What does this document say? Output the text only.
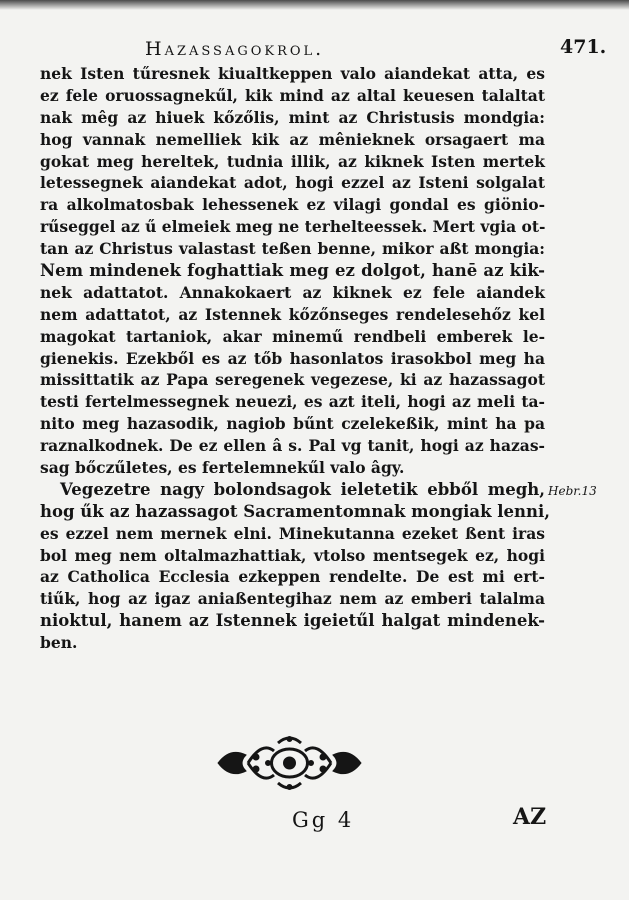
Hazassagokrol.	471.
nek Isten tűresnek kiualtkeppen valo aiandekat atta, es
ez fele oruossagnekűl, kik mind az altal keuesen talaltat
nak mêg az hiuek kőzőlis, mint az Christusis mondgia:
hog vannak nemelliek kik az mênieknek orsagaert ma
gokat meg hereltek, tudnia illik, az kiknek Isten mertek
letessegnek aiandekat adot, hogi ezzel az Isteni solgalat
ra alkolmatosbak lehessenek ez vilagi gondal es giönio-
rűseggel az ű elmeiek meg ne terhelteessek. Mert vgia ot-
tan az Christus valastast teßen benne, mikor aßt mongia:
Nem mindenek foghattiak meg ez dolgot, hanē az kik-
nek adattatot. Annakokaert az kiknek ez fele aiandek
nem adattatot, az Istennek kőzőnseges rendelesehőz kel
magokat tartaniok, akar minemű rendbeli emberek le-
gienekis. Ezekből es az tőb hasonlatos irasokbol meg ha
missittatik az Papa seregenek vegezese, ki az hazassagot
testi fertelmessegnek neuezi, es azt iteli, hogi az meli ta-
nito meg hazasodik, nagiob bűnt czelekeßik, mint ha pa
raznalkodnek. De ez ellen â s. Pal vg tanit, hogi az hazas-
sag bőczűletes, es fertelemnekűl valo âgy.
Vegezetre nagy bolondsagok ieletetik ebből megh,
hog űk az hazassagot Sacramentomnak mongiak lenni,
es ezzel nem mernek elni. Minekutanna ezeket ßent iras
bol meg nem oltalmazhattiak, vtolso mentsegek ez, hogi
az Catholica Ecclesia ezkeppen rendelte. De est mi ert-
tiűk, hog az igaz aniaßentegihaz nem az emberi talalma
nioktul, hanem az Istennek igeietűl halgat mindenek-
ben.
Hebr.13
Gg 4	AZ
